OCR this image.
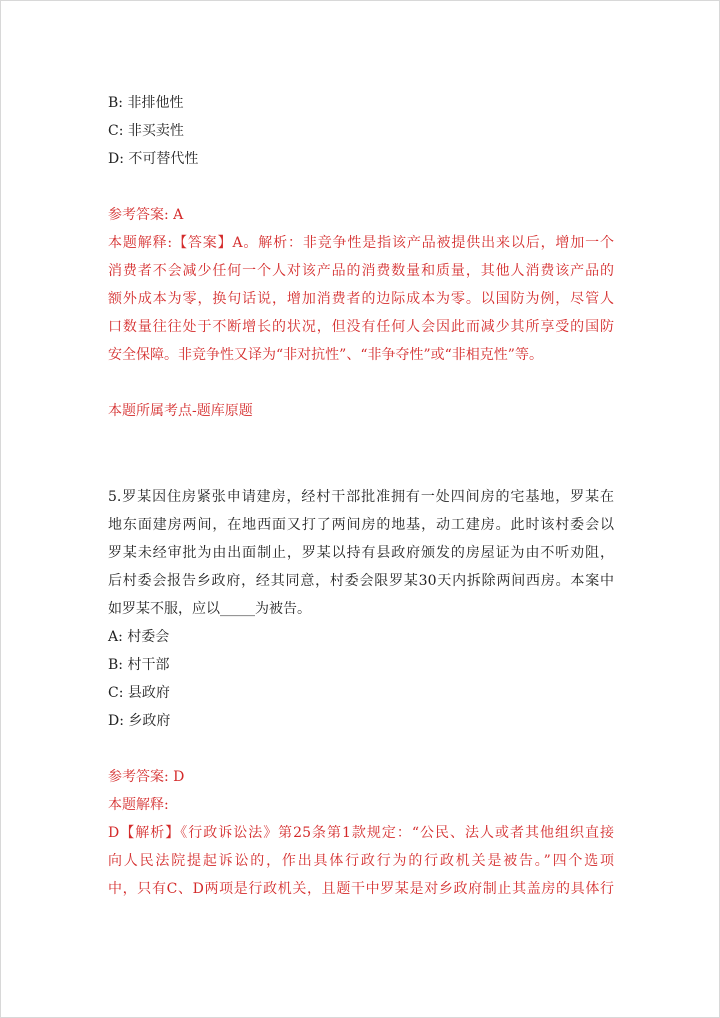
B: 非排他性
C: 非买卖性
D: 不可替代性
参考答案: A
本题解释:【答案】A。解析：非竞争性是指该产品被提供出来以后，增加一个
消费者不会减少任何一个人对该产品的消费数量和质量，其他人消费该产品的
额外成本为零，换句话说，增加消费者的边际成本为零。以国防为例，尽管人
口数量往往处于不断增长的状况，但没有任何人会因此而减少其所享受的国防
安全保障。非竞争性又译为“非对抗性”、“非争夺性”或“非相克性”等。
本题所属考点-题库原题
5.罗某因住房紧张申请建房，经村干部批准拥有一处四间房的宅基地，罗某在
地东面建房两间，在地西面又打了两间房的地基，动工建房。此时该村委会以
罗某未经审批为由出面制止，罗某以持有县政府颁发的房屋证为由不听劝阻，
后村委会报告乡政府，经其同意，村委会限罗某30天内拆除两间西房。本案中
如罗某不服，应以_____为被告。
A: 村委会
B: 村干部
C: 县政府
D: 乡政府
参考答案: D
本题解释:
D【解析】《行政诉讼法》第25条第1款规定：“公民、法人或者其他组织直接
向人民法院提起诉讼的，作出具体行政行为的行政机关是被告。”四个选项
中，只有C、D两项是行政机关，且题干中罗某是对乡政府制止其盖房的具体行
